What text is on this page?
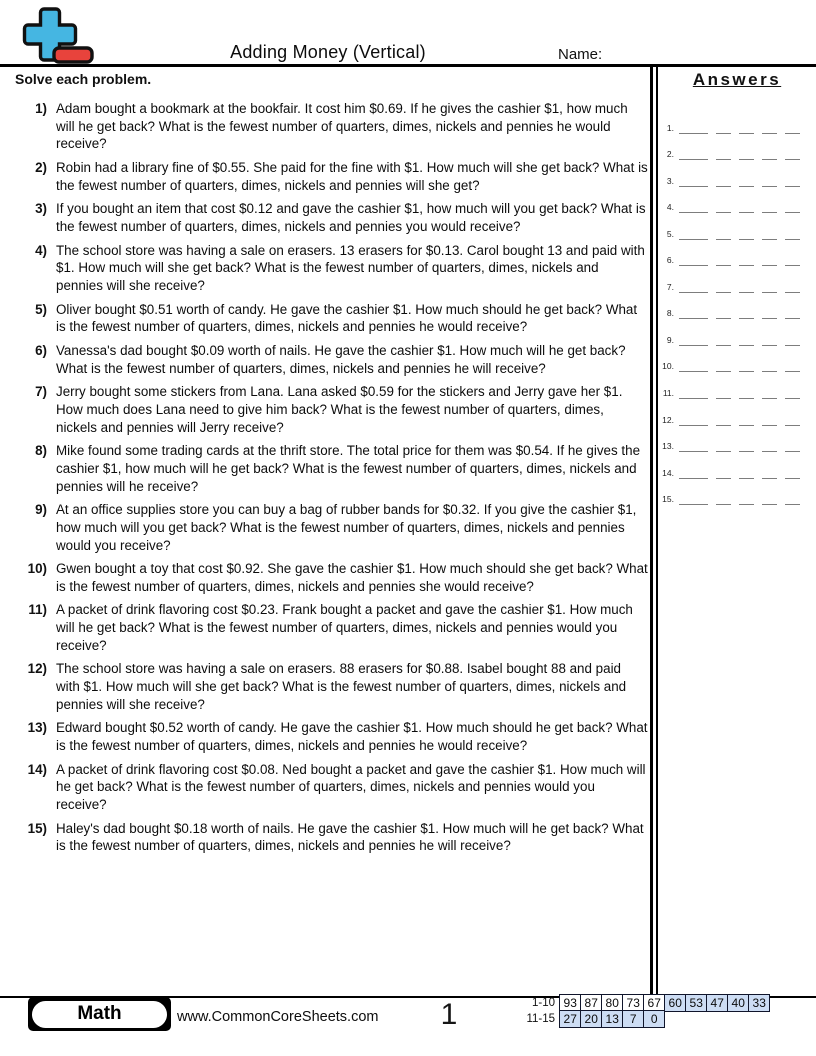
Adding Money (Vertical)	Name:
Solve each problem.
1) Adam bought a bookmark at the bookfair. It cost him $0.69. If he gives the cashier $1, how much will he get back? What is the fewest number of quarters, dimes, nickels and pennies he would receive?
2) Robin had a library fine of $0.55. She paid for the fine with $1. How much will she get back? What is the fewest number of quarters, dimes, nickels and pennies will she get?
3) If you bought an item that cost $0.12 and gave the cashier $1, how much will you get back? What is the fewest number of quarters, dimes, nickels and pennies you would receive?
4) The school store was having a sale on erasers. 13 erasers for $0.13. Carol bought 13 and paid with $1. How much will she get back? What is the fewest number of quarters, dimes, nickels and pennies will she receive?
5) Oliver bought $0.51 worth of candy. He gave the cashier $1. How much should he get back? What is the fewest number of quarters, dimes, nickels and pennies he would receive?
6) Vanessa's dad bought $0.09 worth of nails. He gave the cashier $1. How much will he get back? What is the fewest number of quarters, dimes, nickels and pennies he will receive?
7) Jerry bought some stickers from Lana. Lana asked $0.59 for the stickers and Jerry gave her $1. How much does Lana need to give him back? What is the fewest number of quarters, dimes, nickels and pennies will Jerry receive?
8) Mike found some trading cards at the thrift store. The total price for them was $0.54. If he gives the cashier $1, how much will he get back? What is the fewest number of quarters, dimes, nickels and pennies will he receive?
9) At an office supplies store you can buy a bag of rubber bands for $0.32. If you give the cashier $1, how much will you get back? What is the fewest number of quarters, dimes, nickels and pennies would you receive?
10) Gwen bought a toy that cost $0.92. She gave the cashier $1. How much should she get back? What is the fewest number of quarters, dimes, nickels and pennies she would receive?
11) A packet of drink flavoring cost $0.23. Frank bought a packet and gave the cashier $1. How much will he get back? What is the fewest number of quarters, dimes, nickels and pennies would you receive?
12) The school store was having a sale on erasers. 88 erasers for $0.88. Isabel bought 88 and paid with $1. How much will she get back? What is the fewest number of quarters, dimes, nickels and pennies will she receive?
13) Edward bought $0.52 worth of candy. He gave the cashier $1. How much should he get back? What is the fewest number of quarters, dimes, nickels and pennies he would receive?
14) A packet of drink flavoring cost $0.08. Ned bought a packet and gave the cashier $1. How much will he get back? What is the fewest number of quarters, dimes, nickels and pennies would you receive?
15) Haley's dad bought $0.18 worth of nails. He gave the cashier $1. How much will he get back? What is the fewest number of quarters, dimes, nickels and pennies he will receive?
Answers
1.
2.
3.
4.
5.
6.
7.
8.
9.
10.
11.
12.
13.
14.
15.
Math	www.CommonCoreSheets.com	1	1-10 93 87 80 73 67 60 53 47 40 33
11-15 27 20 13 7	0
